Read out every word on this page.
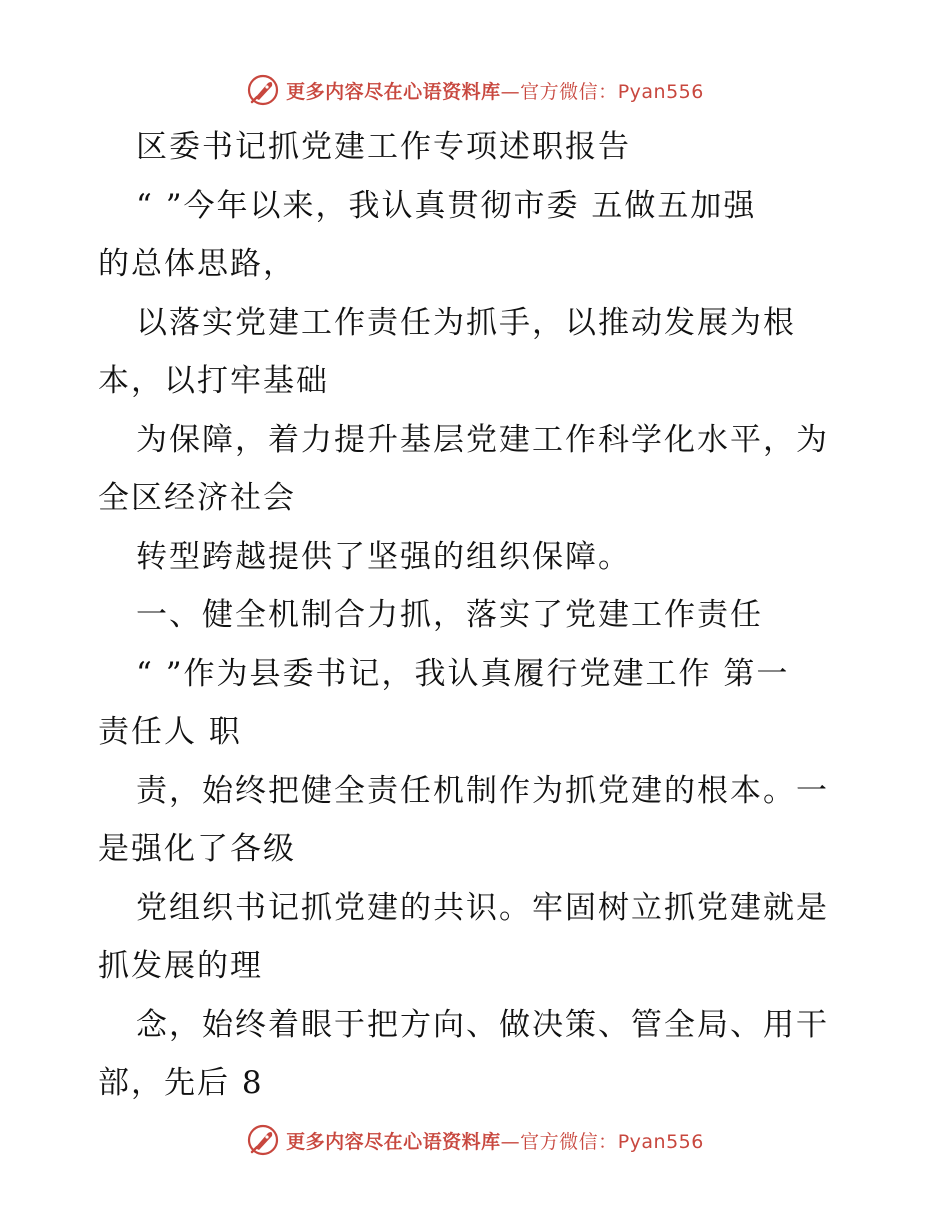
更多内容尽在心语资料库—官方微信：Pyan556
区委书记抓党建工作专项述职报告
“ ”今年以来，我认真贯彻市委 五做五加强
的总体思路，
以落实党建工作责任为抓手，以推动发展为根
本，以打牢基础
为保障，着力提升基层党建工作科学化水平，为
全区经济社会
转型跨越提供了坚强的组织保障。
一、健全机制合力抓，落实了党建工作责任
“ ”作为县委书记，我认真履行党建工作 第一
责任人 职
责，始终把健全责任机制作为抓党建的根本。一
是强化了各级
党组织书记抓党建的共识。牢固树立抓党建就是
抓发展的理
念，始终着眼于把方向、做决策、管全局、用干
部，先后 8
更多内容尽在心语资料库—官方微信：Pyan556
